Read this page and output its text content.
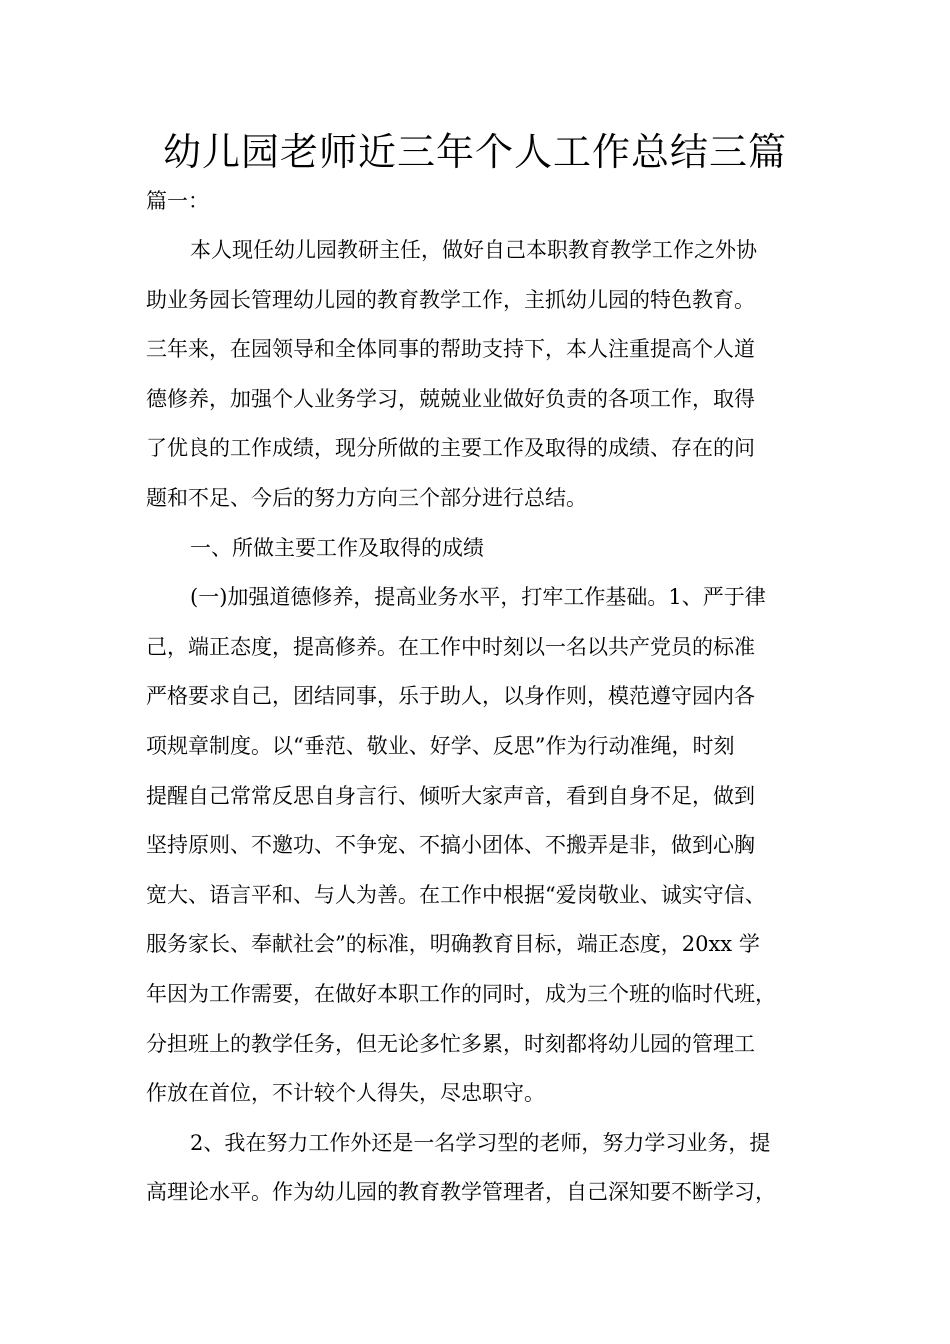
幼儿园老师近三年个人工作总结三篇

篇一：

本人现任幼儿园教研主任，做好自己本职教育教学工作之外协
助业务园长管理幼儿园的教育教学工作，主抓幼儿园的特色教育。
三年来，在园领导和全体同事的帮助支持下，本人注重提高个人道
德修养，加强个人业务学习，兢兢业业做好负责的各项工作，取得
了优良的工作成绩，现分所做的主要工作及取得的成绩、存在的问
题和不足、今后的努力方向三个部分进行总结。
一、所做主要工作及取得的成绩
(一)加强道德修养，提高业务水平，打牢工作基础。1、严于律
己，端正态度，提高修养。在工作中时刻以一名以共产党员的标准
严格要求自己，团结同事，乐于助人，以身作则，模范遵守园内各
项规章制度。以“垂范、敬业、好学、反思”作为行动准绳，时刻
提醒自己常常反思自身言行、倾听大家声音，看到自身不足，做到
坚持原则、不邀功、不争宠、不搞小团体、不搬弄是非，做到心胸
宽大、语言平和、与人为善。在工作中根据“爱岗敬业、诚实守信、
服务家长、奉献社会”的标准，明确教育目标，端正态度，20xx 学
年因为工作需要，在做好本职工作的同时，成为三个班的临时代班，
分担班上的教学任务，但无论多忙多累，时刻都将幼儿园的管理工
作放在首位，不计较个人得失，尽忠职守。
2、我在努力工作外还是一名学习型的老师，努力学习业务，提
高理论水平。作为幼儿园的教育教学管理者，自己深知要不断学习，
